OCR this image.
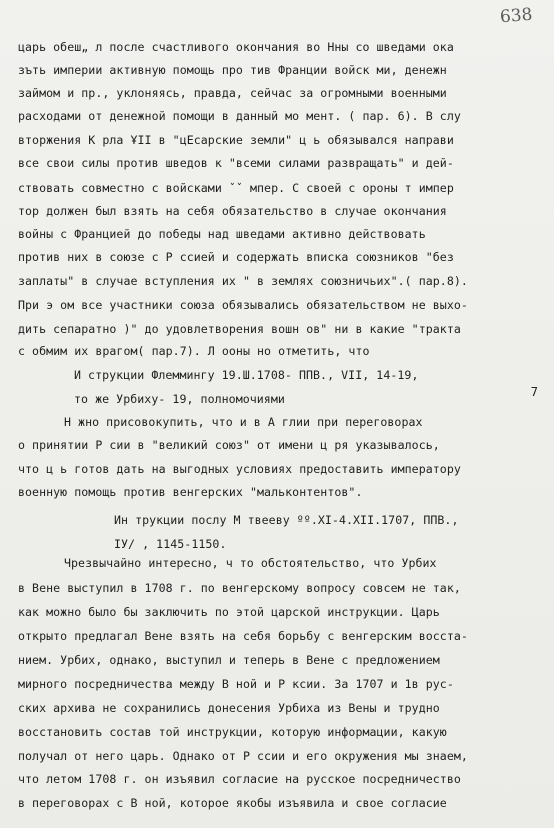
638
7
царь обеш„ л после счастливого окончания во Нны со шведами ока
зъть империи активную помощь про тив Франции войск ми, денежн
займом и пр., уклоняясь, правда, сейчас за огромными военными
расходами от денежной помощи в данный мо мент. ( пар. 6). В слу
вторжения К рла ҰII в "цЕсарские земли" ц ь обязывался направи
все свои силы против шведов к "всеми силами развращать" и дей-
ствовать совместно с войсками ˇˇ мпер. С своей с ороны т импер
тор должен был взять на себя обязательство в случае окончания
войны с Францией до победы над шведами активно действовать
против них в союзе с Р ссией и содержать вписка союзников "без
заплаты" в случае вступления их " в землях союзничьих".( пар.8).
При э ом все участники союза обязывались обязательством не выхо-
дить сепаратно )" до удовлетворения вошн ов" ни в какие "тракта
с обмим их врагом( пар.7). Л ооны но отметить, что
И струкции Флеммингу 19.Ш.1708- ППВ., VII, 14-19,
то же Урбиху- 19, полномочиями
Н жно присовокупить, что и в А глии при переговорах
о принятии Р сии в "великий союз" от имени ц ря указывалось,
что ц ь готов дать на выгодных условиях предоставить императору
военную помощь против венгерских "мальконтентов".
Ин трукции послу М твееву ºº.XI-4.XII.1707, ППВ.,
IУ/ , 1145-1150.
Чрезвычайно интересно, ч то обстоятельство, что Урбих
в Вене выступил в 1708 г. по венгерскому вопросу совсем не так,
как можно было бы заключить по этой царской инструкции. Царь
открыто предлагал Вене взять на себя борьбу с венгерским восста-
нием. Урбих, однако, выступил и теперь в Вене с предложением
мирного посредничества между В ной и Р ксии. За 1707 и 1в рус-
ских архива не сохранились донесения Урбиха из Вены и трудно
восстановить состав той инструкции, которую информации, какую
получал от него царь. Однако от Р ссии и его окружения мы знаем,
что летом 1708 г. он изъявил согласие на русское посредничество
в переговорах с В ной, которое якобы изъявила и свое согласие
